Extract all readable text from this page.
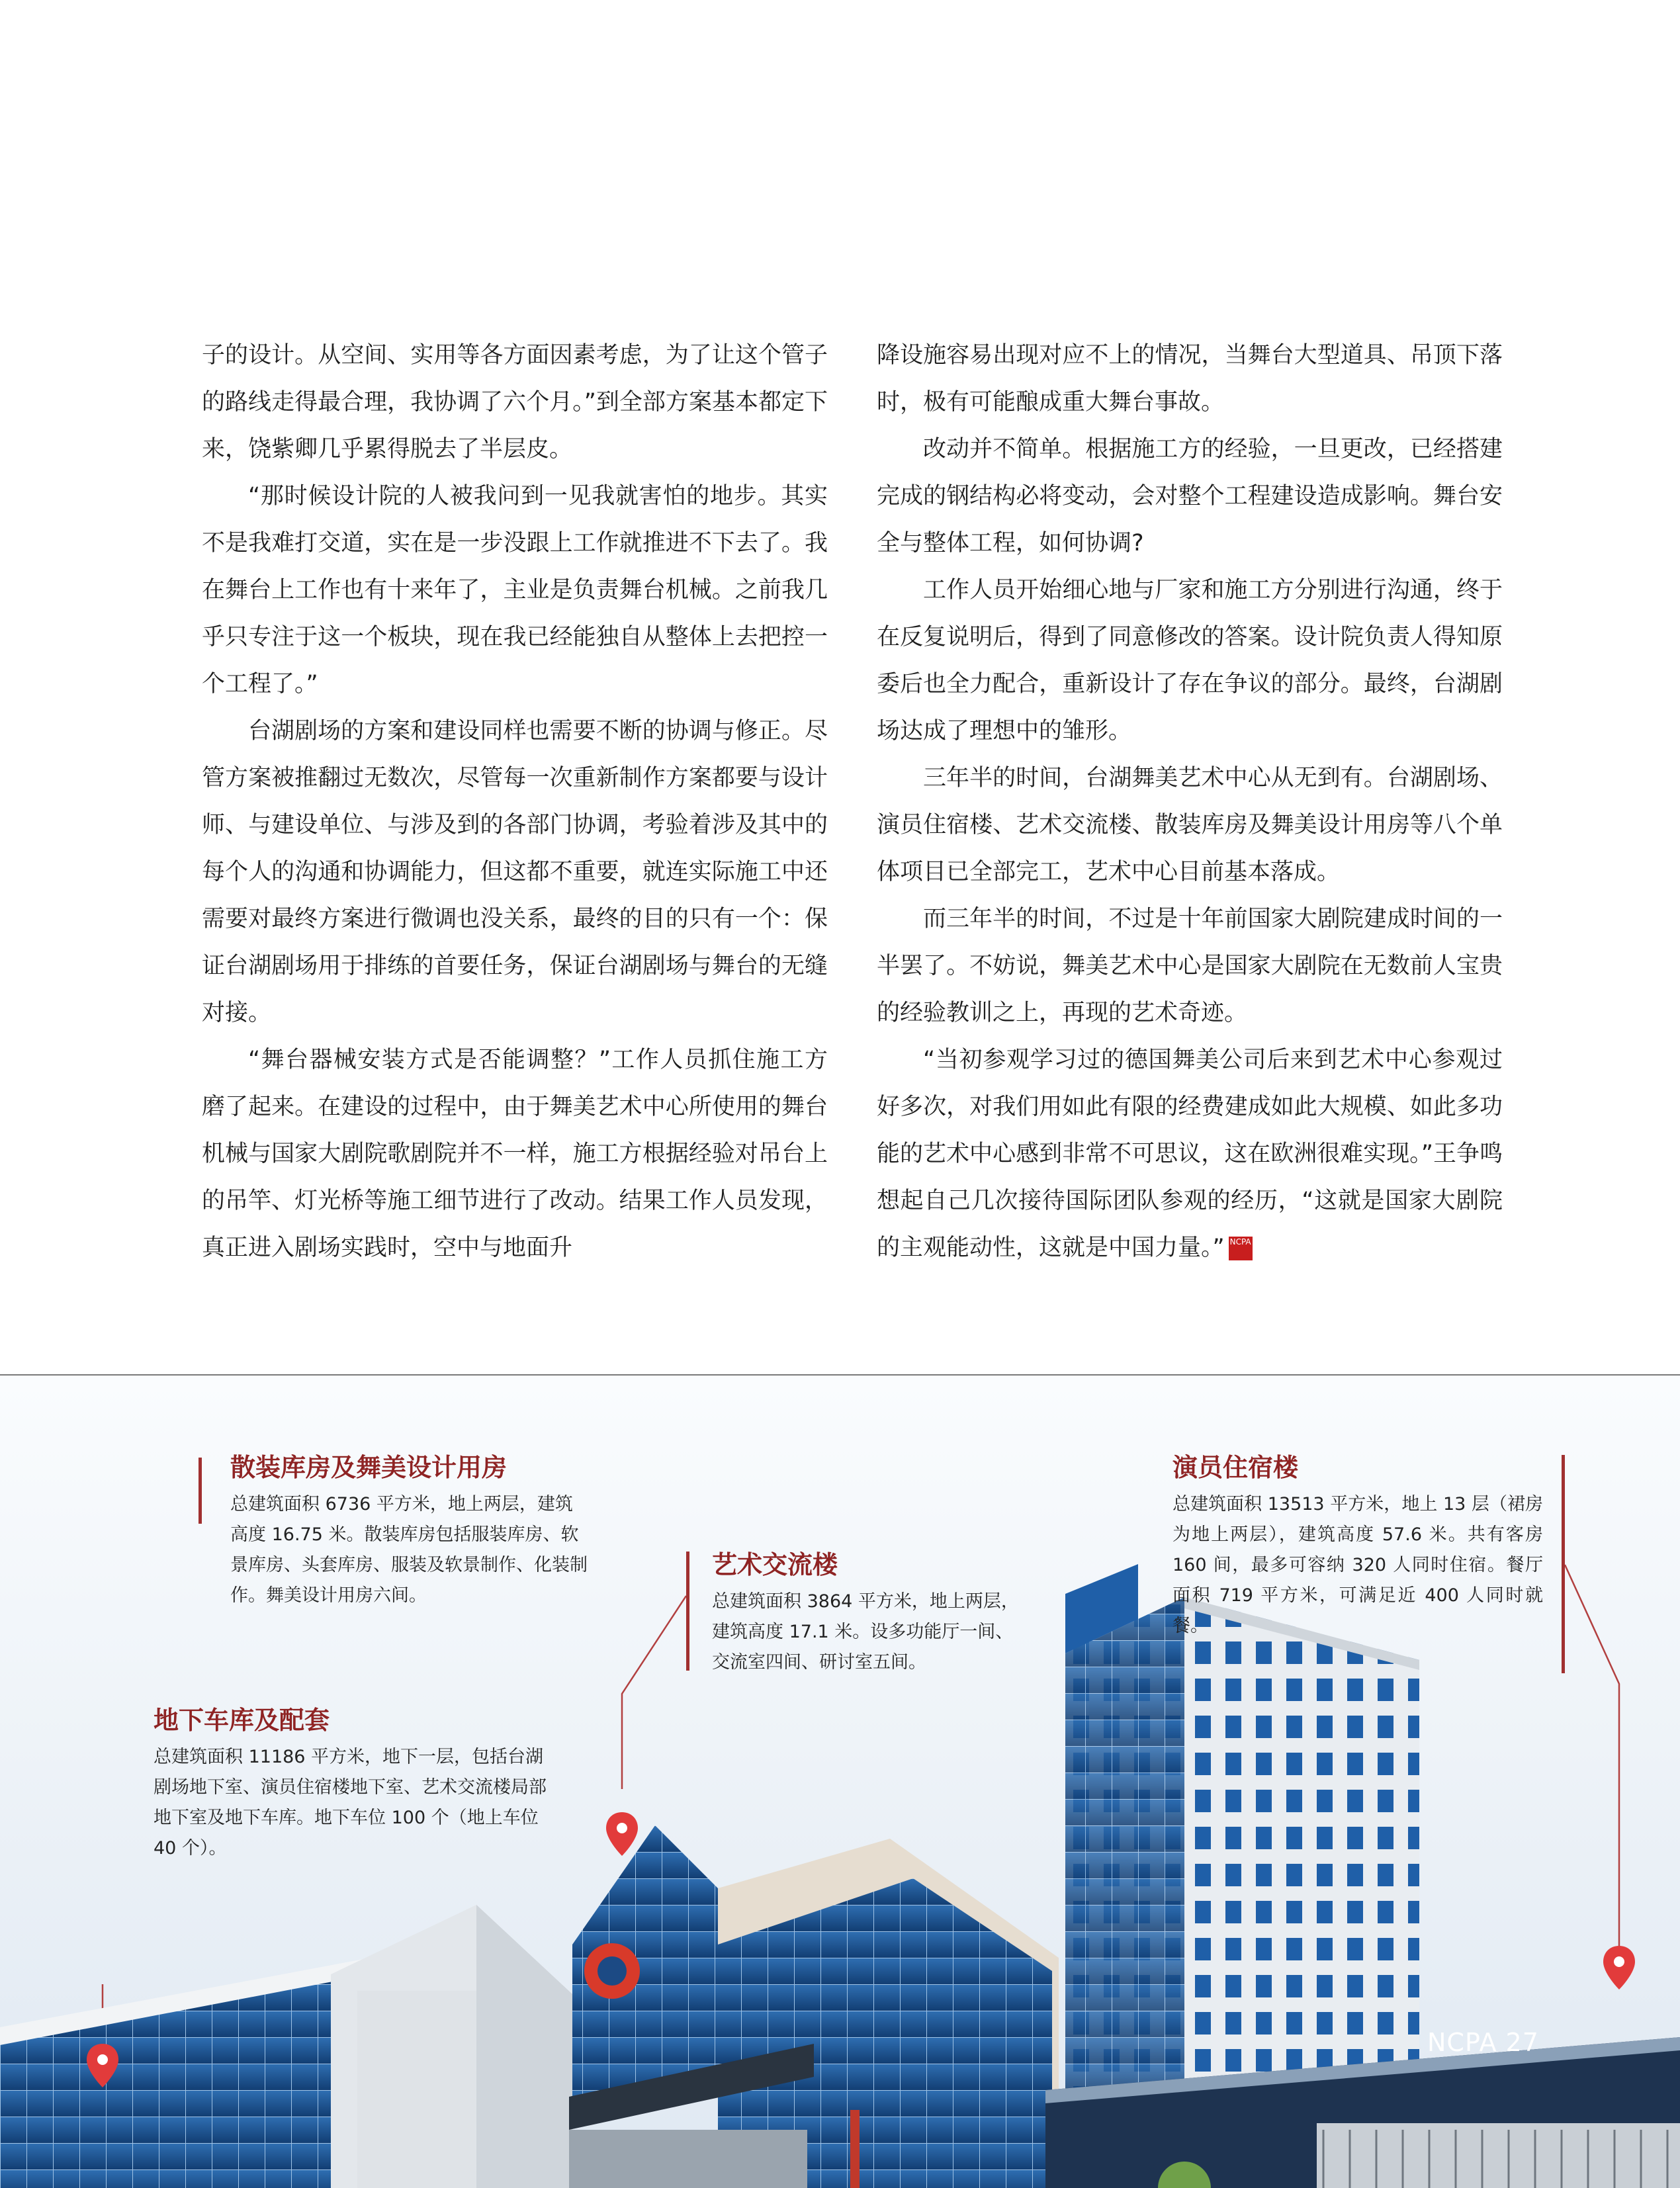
子的设计。从空间、实用等各方面因素考虑，为了让这个管子的路线走得最合理，我协调了六个月。”到全部方案基本都定下来，饶紫卿几乎累得脱去了半层皮。

“那时候设计院的人被我问到一见我就害怕的地步。其实不是我难打交道，实在是一步没跟上工作就推进不下去了。我在舞台上工作也有十来年了，主业是负责舞台机械。之前我几乎只专注于这一个板块，现在我已经能独自从整体上去把控一个工程了。”

台湖剧场的方案和建设同样也需要不断的协调与修正。尽管方案被推翻过无数次，尽管每一次重新制作方案都要与设计师、与建设单位、与涉及到的各部门协调，考验着涉及其中的每个人的沟通和协调能力，但这都不重要，就连实际施工中还需要对最终方案进行微调也没关系，最终的目的只有一个：保证台湖剧场用于排练的首要任务，保证台湖剧场与舞台的无缝对接。

“舞台器械安装方式是否能调整？”工作人员抓住施工方磨了起来。在建设的过程中，由于舞美艺术中心所使用的舞台机械与国家大剧院歌剧院并不一样，施工方根据经验对吊台上的吊竿、灯光桥等施工细节进行了改动。结果工作人员发现，真正进入剧场实践时，空中与地面升

降设施容易出现对应不上的情况，当舞台大型道具、吊顶下落时，极有可能酿成重大舞台事故。

改动并不简单。根据施工方的经验，一旦更改，已经搭建完成的钢结构必将变动，会对整个工程建设造成影响。舞台安全与整体工程，如何协调?

工作人员开始细心地与厂家和施工方分别进行沟通，终于在反复说明后，得到了同意修改的答案。设计院负责人得知原委后也全力配合，重新设计了存在争议的部分。最终，台湖剧场达成了理想中的雏形。

三年半的时间，台湖舞美艺术中心从无到有。台湖剧场、演员住宿楼、艺术交流楼、散装库房及舞美设计用房等八个单体项目已全部完工，艺术中心目前基本落成。

而三年半的时间，不过是十年前国家大剧院建成时间的一半罢了。不妨说，舞美艺术中心是国家大剧院在无数前人宝贵的经验教训之上，再现的艺术奇迹。

“当初参观学习过的德国舞美公司后来到艺术中心参观过好多次，对我们用如此有限的经费建成如此大规模、如此多功能的艺术中心感到非常不可思议，这在欧洲很难实现。”王争鸣想起自己几次接待国际团队参观的经历，“这就是国家大剧院的主观能动性，这就是中国力量。” NCPA

散装库房及舞美设计用房

总建筑面积 6736 平方米，地上两层，建筑高度 16.75 米。散装库房包括服装库房、软景库房、头套库房、服装及软景制作、化装制作。舞美设计用房六间。

艺术交流楼

总建筑面积 3864 平方米，地上两层，建筑高度 17.1 米。设多功能厅一间、交流室四间、研讨室五间。

演员住宿楼

总建筑面积 13513 平方米，地上 13 层（裙房为地上两层），建筑高度 57.6 米。共有客房 160 间，最多可容纳 320 人同时住宿。餐厅面积 719 平方米，可满足近 400 人同时就餐。

地下车库及配套

总建筑面积 11186 平方米，地下一层，包括台湖剧场地下室、演员住宿楼地下室、艺术交流楼局部地下室及地下车库。地下车位 100 个（地上车位 40 个）。

NCPA 27
